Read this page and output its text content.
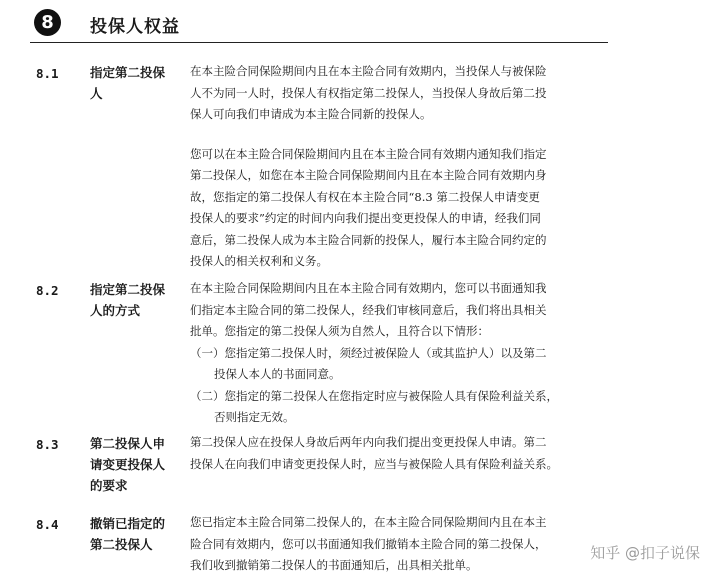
8	投保人权益
8.1	指定第二投保
人
在本主险合同保险期间内且在本主险合同有效期内，当投保人与被保险
人不为同一人时，投保人有权指定第二投保人，当投保人身故后第二投
保人可向我们申请成为本主险合同新的投保人。
您可以在本主险合同保险期间内且在本主险合同有效期内通知我们指定
第二投保人，如您在本主险合同保险期间内且在本主险合同有效期内身
故，您指定的第二投保人有权在本主险合同“8.3 第二投保人申请变更
投保人的要求”约定的时间内向我们提出变更投保人的申请，经我们同
意后，第二投保人成为本主险合同新的投保人，履行本主险合同约定的
投保人的相关权利和义务。
8.2	指定第二投保
人的方式
在本主险合同保险期间内且在本主险合同有效期内，您可以书面通知我
们指定本主险合同的第二投保人，经我们审核同意后，我们将出具相关
批单。您指定的第二投保人须为自然人，且符合以下情形：
（一）您指定第二投保人时，须经过被保险人（或其监护人）以及第二
投保人本人的书面同意。
（二）您指定的第二投保人在您指定时应与被保险人具有保险利益关系，
否则指定无效。
8.3	第二投保人申
请变更投保人
的要求
第二投保人应在投保人身故后两年内向我们提出变更投保人申请。第二
投保人在向我们申请变更投保人时，应当与被保险人具有保险利益关系。
8.4	撤销已指定的
第二投保人
您已指定本主险合同第二投保人的，在本主险合同保险期间内且在本主
险合同有效期内，您可以书面通知我们撤销本主险合同的第二投保人，
我们收到撤销第二投保人的书面通知后，出具相关批单。
知乎 @扣子说保
